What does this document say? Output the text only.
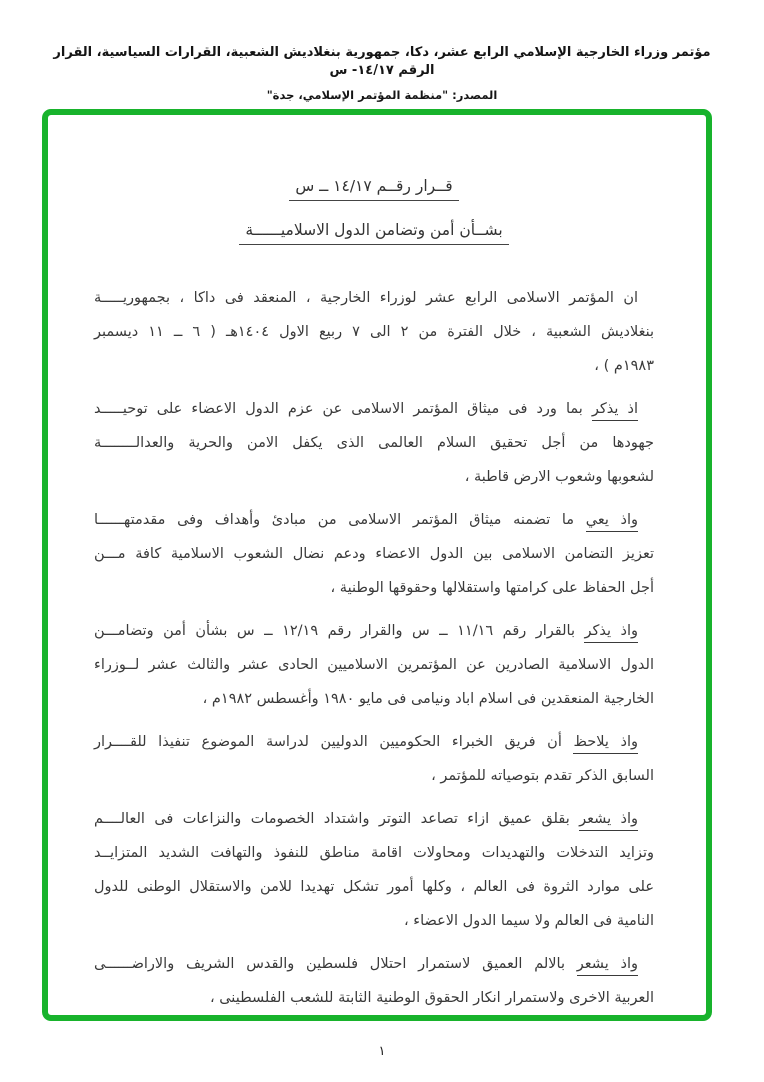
مؤتمر وزراء الخارجية الإسلامي الرابع عشر، دكا، جمهورية بنغلاديش الشعبية، القرارات السياسية، القرار الرقم ١٤/١٧- س
المصدر: "منظمة المؤتمر الإسلامي، جدة"
قــرار رقــم ١٤/١٧ ــ س
بشــأن أمن وتضامن الدول الاسلاميــــــة
ان المؤتمر الاسلامى الرابع عشر لوزراء الخارجية ، المنعقد فى داكا ، بجمهوريـــــة
بنغلاديش الشعبية ، خلال الفترة من ٢ الى ٧ ربيع الاول ١٤٠٤هـ ( ٦ ــ ١١ ديسمبر
١٩٨٣م ) ،
اذ يذكر بما ورد فى ميثاق المؤتمر الاسلامى عن عزم الدول الاعضاء على توحيـــــد
جهودها من أجل تحقيق السلام العالمى الذى يكفل الامن والحرية والعدالــــــــة
لشعوبها وشعوب الارض قاطبة ،
واذ يعي ما تضمنه ميثاق المؤتمر الاسلامى من مبادئ وأهداف وفى مقدمتهــــــا
تعزيز التضامن الاسلامى بين الدول الاعضاء ودعم نضال الشعوب الاسلامية كافة مـــن
أجل الحفاظ على كرامتها واستقلالها وحقوقها الوطنية ،
واذ يذكر بالقرار رقم ١١/١٦ ــ س والقرار رقم ١٢/١٩ ــ س بشأن أمن وتضامـــن
الدول الاسلامية الصادرين عن المؤتمرين الاسلاميين الحادى عشر والثالث عشر لــوزراء
الخارجية المنعقدين فى اسلام اباد ونيامى فى مايو ١٩٨٠ وأغسطس ١٩٨٢م ،
واذ يلاحظ أن فريق الخبراء الحكوميين الدوليين لدراسة الموضوع تنفيذا للقــــرار
السابق الذكر تقدم بتوصياته للمؤتمر ،
واذ يشعر بقلق عميق ازاء تصاعد التوتر واشتداد الخصومات والنزاعات فى العالــــم
وتزايد التدخلات والتهديدات ومحاولات اقامة مناطق للنفوذ والتهافت الشديد المتزايــد
على موارد الثروة فى العالم ، وكلها أمور تشكل تهديدا للامن والاستقلال الوطنى للدول
النامية فى العالم ولا سيما الدول الاعضاء ،
واذ يشعر بالالم العميق لاستمرار احتلال فلسطين والقدس الشريف والاراضــــــى
العربية الاخرى ولاستمرار انكار الحقوق الوطنية الثابتة للشعب الفلسطينى ،
١
